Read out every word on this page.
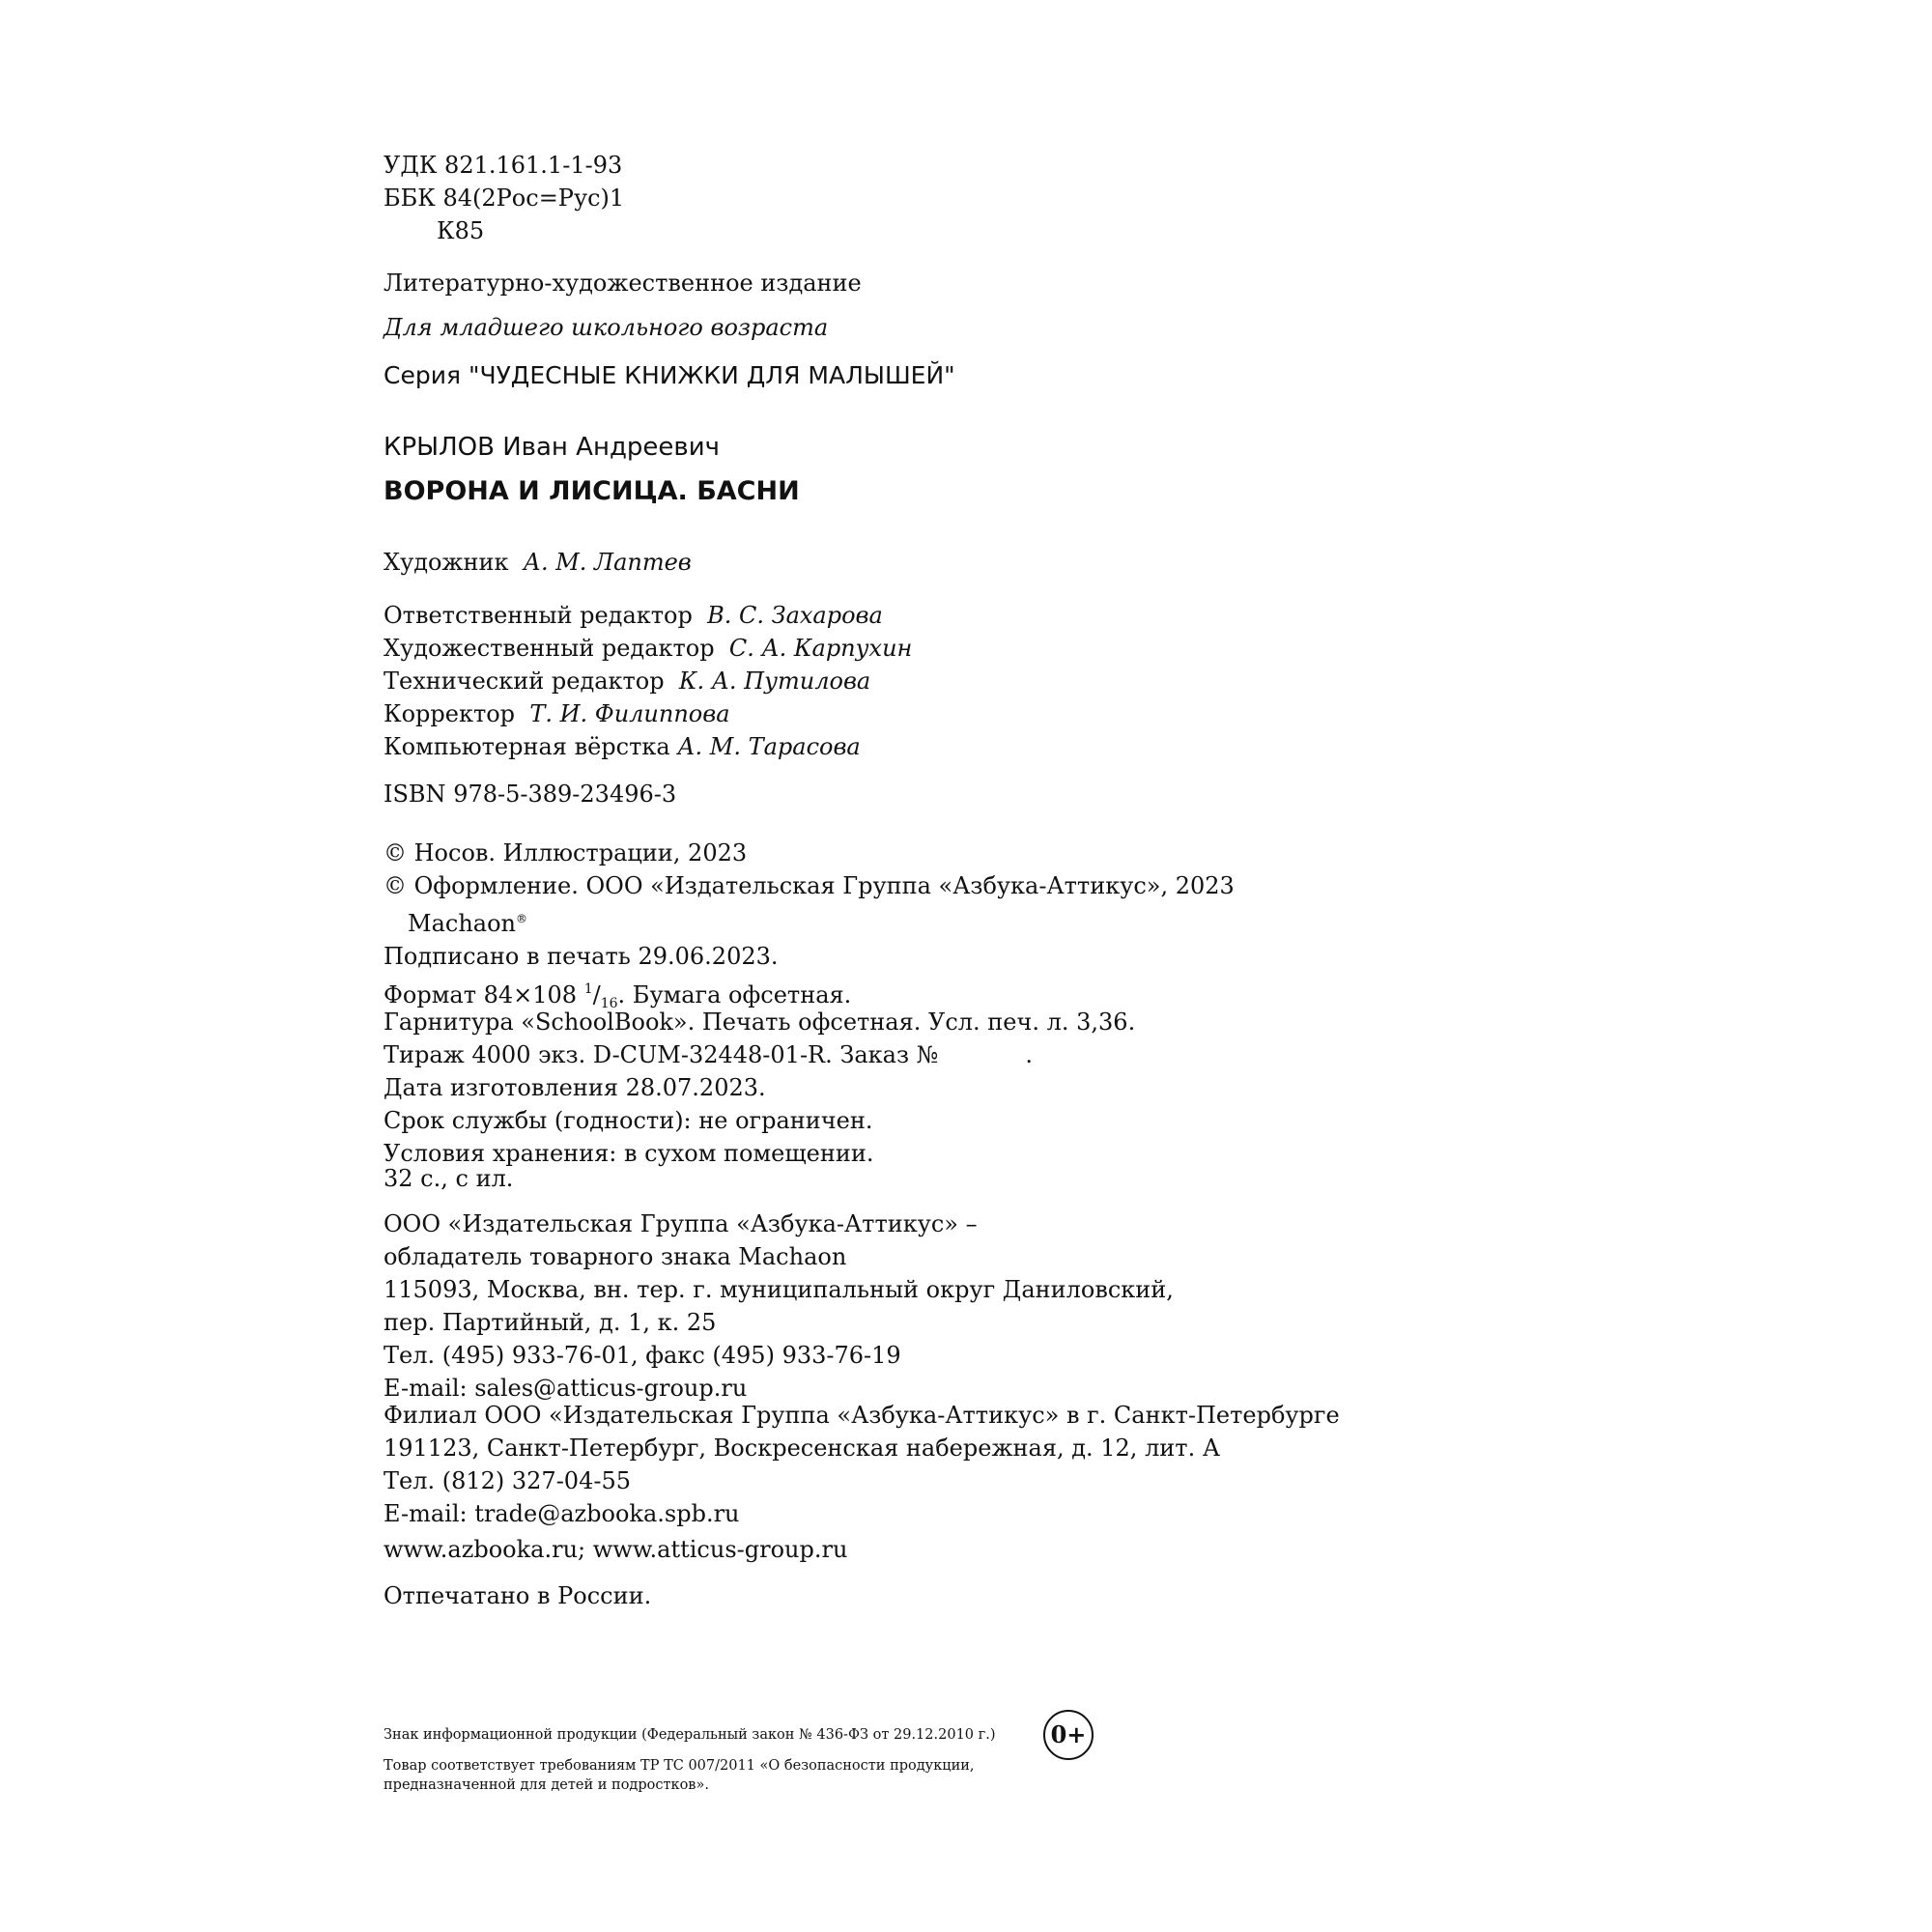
УДК 821.161.1-1-93
ББК 84(2Рос=Рус)1
К85
Литературно-художественное издание
Для младшего школьного возраста
Серия "ЧУДЕСНЫЕ КНИЖКИ ДЛЯ МАЛЫШЕЙ"
КРЫЛОВ Иван Андреевич
ВОРОНА И ЛИСИЦА. БАСНИ
Художник А. М. Лаптев
Ответственный редактор В. С. Захарова
Художественный редактор С. А. Карпухин
Технический редактор К. А. Путилова
Корректор Т. И. Филиппова
Компьютерная вёрстка А. М. Тарасова
ISBN 978-5-389-23496-3
© Носов. Иллюстрации, 2023
© Оформление. ООО «Издательская Группа «Азбука-Аттикус», 2023
Machaon®
Подписано в печать 29.06.2023.
Формат 84×108 $^1/_{16}$. Бумага офсетная.
Гарнитура «SchoolBook». Печать офсетная. Усл. печ. л. 3,36.
Тираж 4000 экз. D-CUM-32448-01-R. Заказ №	.
Дата изготовления 28.07.2023.
Срок службы (годности): не ограничен.
Условия хранения: в сухом помещении.
32 с., с ил.
ООО «Издательская Группа «Азбука-Аттикус» –
обладатель товарного знака Machaon
115093, Москва, вн. тер. г. муниципальный округ Даниловский,
пер. Партийный, д. 1, к. 25
Тел. (495) 933-76-01, факс (495) 933-76-19
E-mail: sales@atticus-group.ru
Филиал ООО «Издательская Группа «Азбука-Аттикус» в г. Санкт-Петербурге
191123, Санкт-Петербург, Воскресенская набережная, д. 12, лит. А
Тел. (812) 327-04-55
E-mail: trade@azbooka.spb.ru
www.azbooka.ru; www.atticus-group.ru
Отпечатано в России.
Знак информационной продукции (Федеральный закон № 436-ФЗ от 29.12.2010 г.)
Товар соответствует требованиям ТР ТС 007/2011 «О безопасности продукции,
предназначенной для детей и подростков».
0+
